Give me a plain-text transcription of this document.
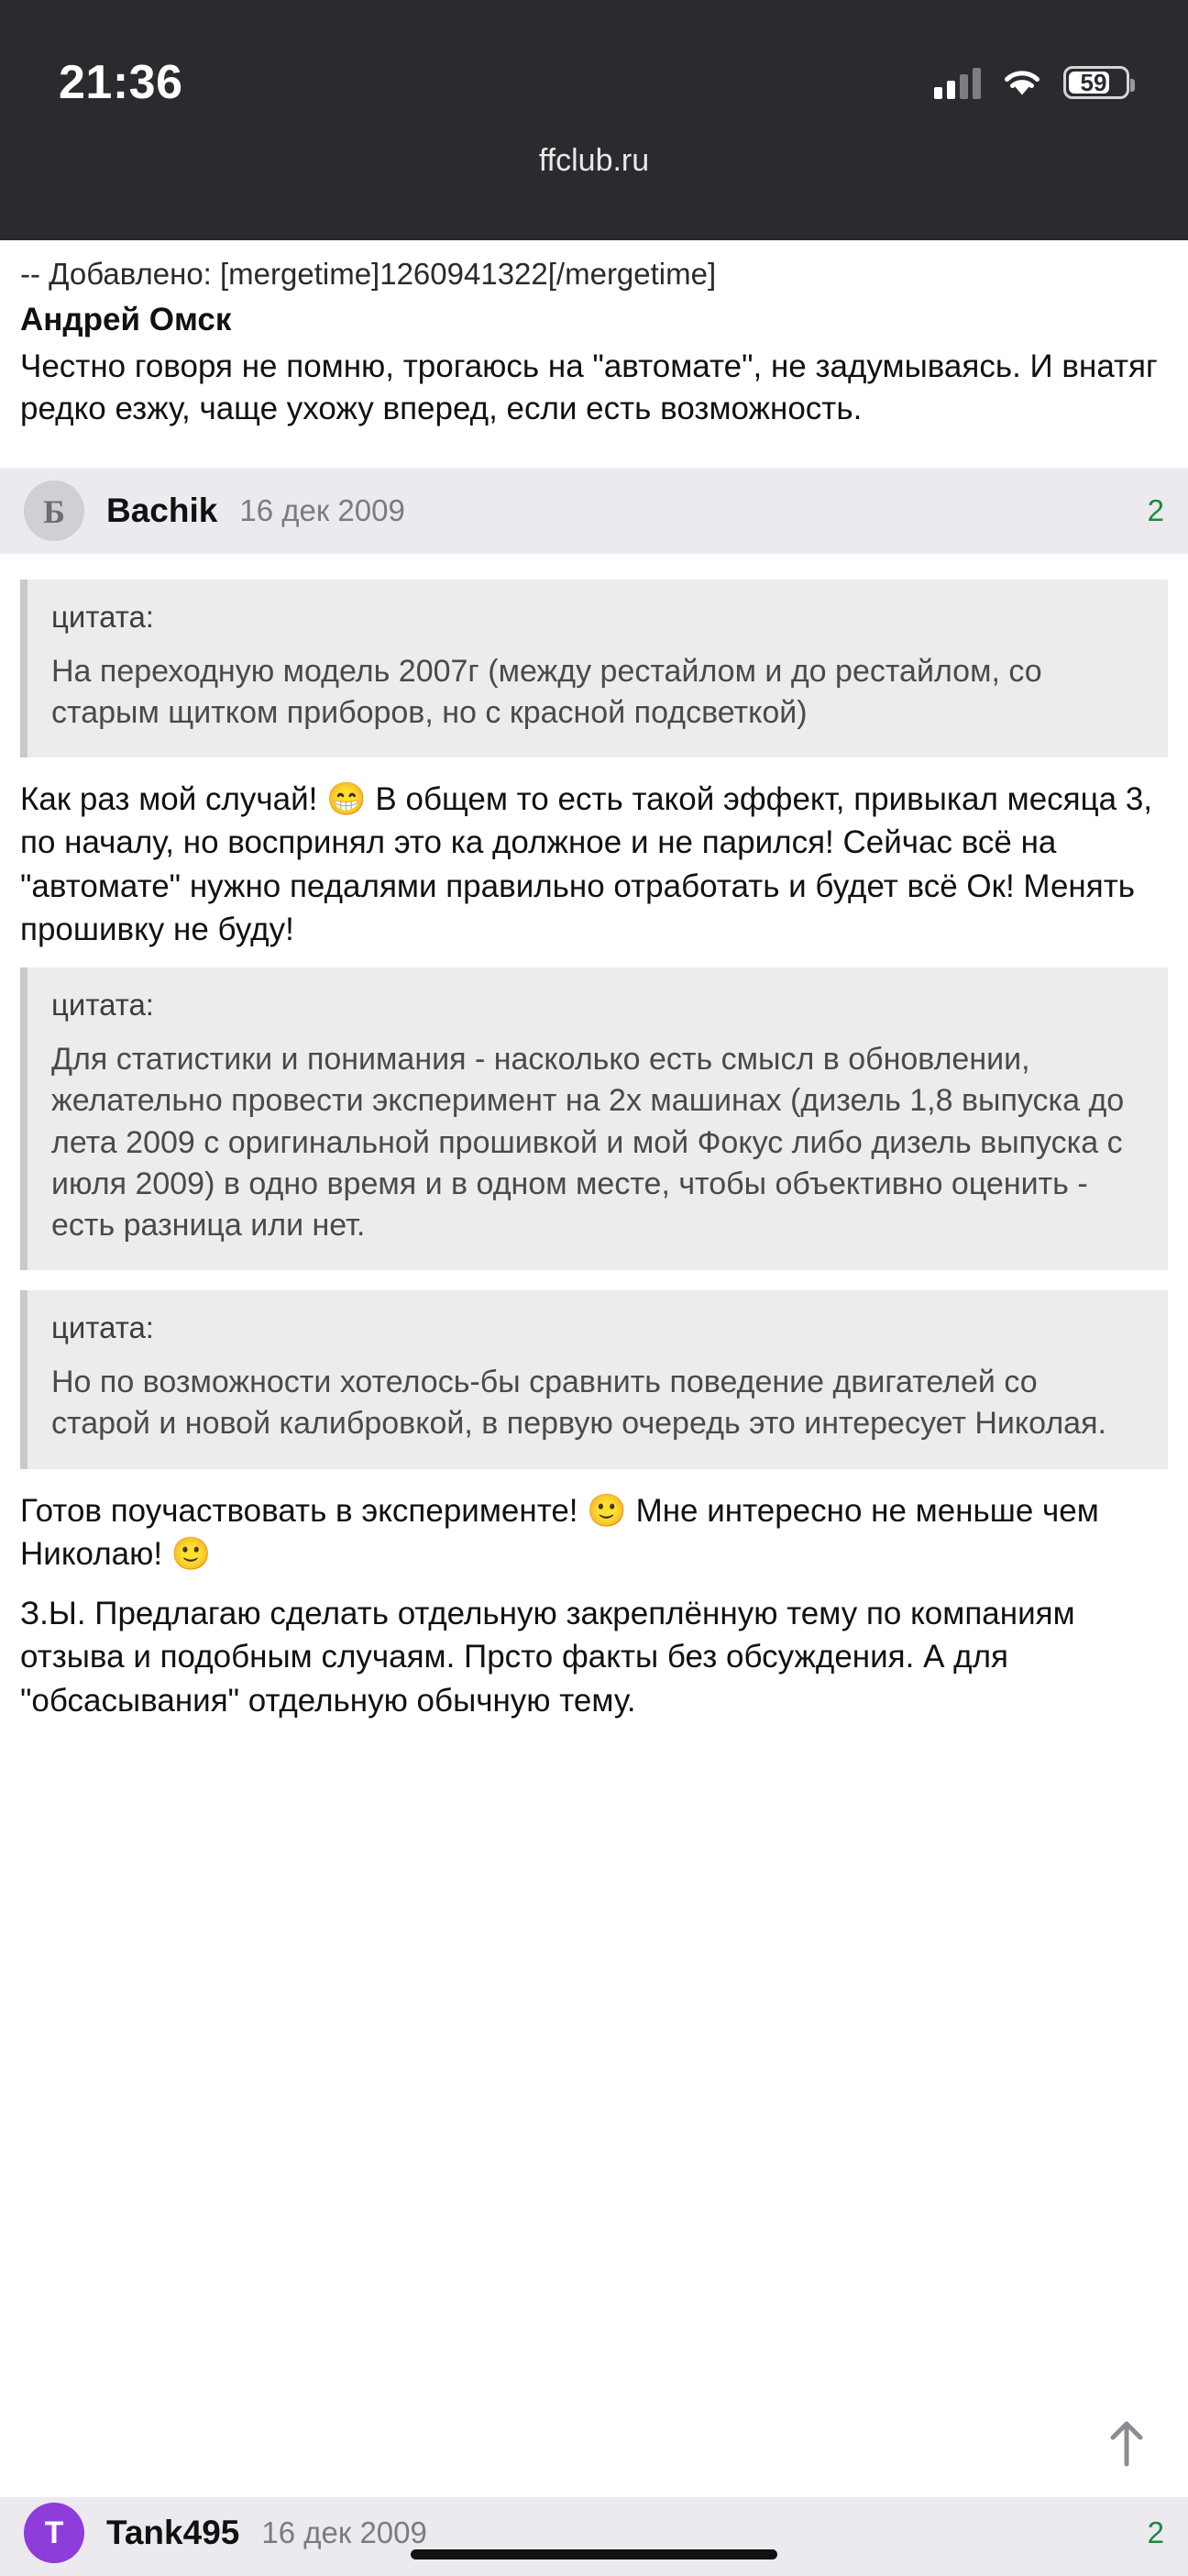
21:36	59
ffclub.ru
-- Добавлено: [mergetime]1260941322[/mergetime]
Андрей Омск
Честно говоря не помню, трогаюсь на "автомате", не задумываясь. И внатяг редко езжу, чаще ухожу вперед, если есть возможность.
Б Bachik 16 дек 2009	2
цитата:
На переходную модель 2007г (между рестайлом и до рестайлом, со старым щитком приборов, но с красной подсветкой)
Как раз мой случай! 😁 В общем то есть такой эффект, привыкал месяца 3, по началу, но воспринял это ка должное и не парился! Сейчас всё на "автомате" нужно педалями правильно отработать и будет всё Ок! Менять прошивку не буду!
цитата:
Для статистики и понимания - насколько есть смысл в обновлении, желательно провести эксперимент на 2х машинах (дизель 1,8 выпуска до лета 2009 с оригинальной прошивкой и мой Фокус либо дизель выпуска с июля 2009) в одно время и в одном месте, чтобы объективно оценить - есть разница или нет.
цитата:
Но по возможности хотелось-бы сравнить поведение двигателей со старой и новой калибровкой, в первую очередь это интересует Николая.
Готов поучаствовать в эксперименте! 🙂 Мне интересно не меньше чем Николаю! 🙂
З.Ы. Предлагаю сделать отдельную закреплённую тему по компаниям отзыва и подобным случаям. Прсто факты без обсуждения. А для "обсасывания" отдельную обычную тему.
T Tank495 16 дек 2009	2
